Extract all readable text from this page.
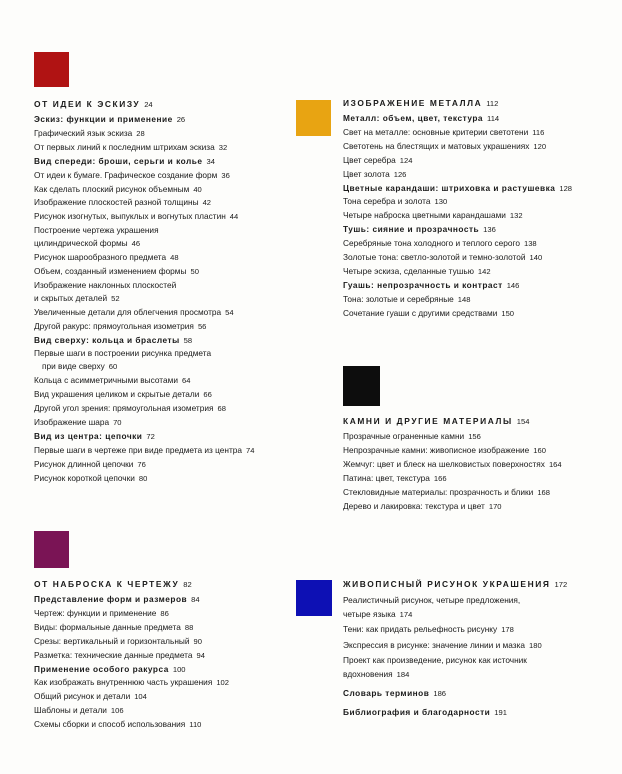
ОТ ИДЕИ К ЭСКИЗУ 24
Эскиз: функции и применение 26
Графический язык эскиза 28
От первых линий к последним штрихам эскиза 32
Вид спереди: броши, серьги и колье 34
От идеи к бумаге. Графическое создание форм 36
Как сделать плоский рисунок объемным 40
Изображение плоскостей разной толщины 42
Рисунок изогнутых, выпуклых и вогнутых пластин 44
Построение чертежа украшения
цилиндрической формы 46
Рисунок шарообразного предмета 48
Объем, созданный изменением формы 50
Изображение наклонных плоскостей
и скрытых деталей 52
Увеличенные детали для облегчения просмотра 54
Другой ракурс: прямоугольная изометрия 56
Вид сверху: кольца и браслеты 58
Первые шаги в построении рисунка предмета
при виде сверху 60
Кольца с асимметричными высотами 64
Вид украшения целиком и скрытые детали 66
Другой угол зрения: прямоугольная изометрия 68
Изображение шара 70
Вид из центра: цепочки 72
Первые шаги в чертеже при виде предмета из центра 74
Рисунок длинной цепочки 76
Рисунок короткой цепочки 80
ИЗОБРАЖЕНИЕ МЕТАЛЛА 112
Металл: объем, цвет, текстура 114
Свет на металле: основные критерии светотени 116
Светотень на блестящих и матовых украшениях 120
Цвет серебра 124
Цвет золота 126
Цветные карандаши: штриховка и растушевка 128
Тона серебра и золота 130
Четыре наброска цветными карандашами 132
Тушь: сияние и прозрачность 136
Серебряные тона холодного и теплого серого 138
Золотые тона: светло-золотой и темно-золотой 140
Четыре эскиза, сделанные тушью 142
Гуашь: непрозрачность и контраст 146
Тона: золотые и серебряные 148
Сочетание гуаши с другими средствами 150
КАМНИ И ДРУГИЕ МАТЕРИАЛЫ 154
Прозрачные ограненные камни 156
Непрозрачные камни: живописное изображение 160
Жемчуг: цвет и блеск на шелковистых поверхностях 164
Патина: цвет, текстура 166
Стекловидные материалы: прозрачность и блики 168
Дерево и лакировка: текстура и цвет 170
ОТ НАБРОСКА К ЧЕРТЕЖУ 82
Представление форм и размеров 84
Чертеж: функции и применение 86
Виды: формальные данные предмета 88
Срезы: вертикальный и горизонтальный 90
Разметка: технические данные предмета 94
Применение особого ракурса 100
Как изображать внутреннюю часть украшения 102
Общий рисунок и детали 104
Шаблоны и детали 106
Схемы сборки и способ использования 110
ЖИВОПИСНЫЙ РИСУНОК УКРАШЕНИЯ 172
Реалистичный рисунок, четыре предложения,
четыре языка 174
Тени: как придать рельефность рисунку 178
Экспрессия в рисунке: значение линии и мазка 180
Проект как произведение, рисунок как источник
вдохновения 184
Словарь терминов 186
Библиография и благодарности 191
